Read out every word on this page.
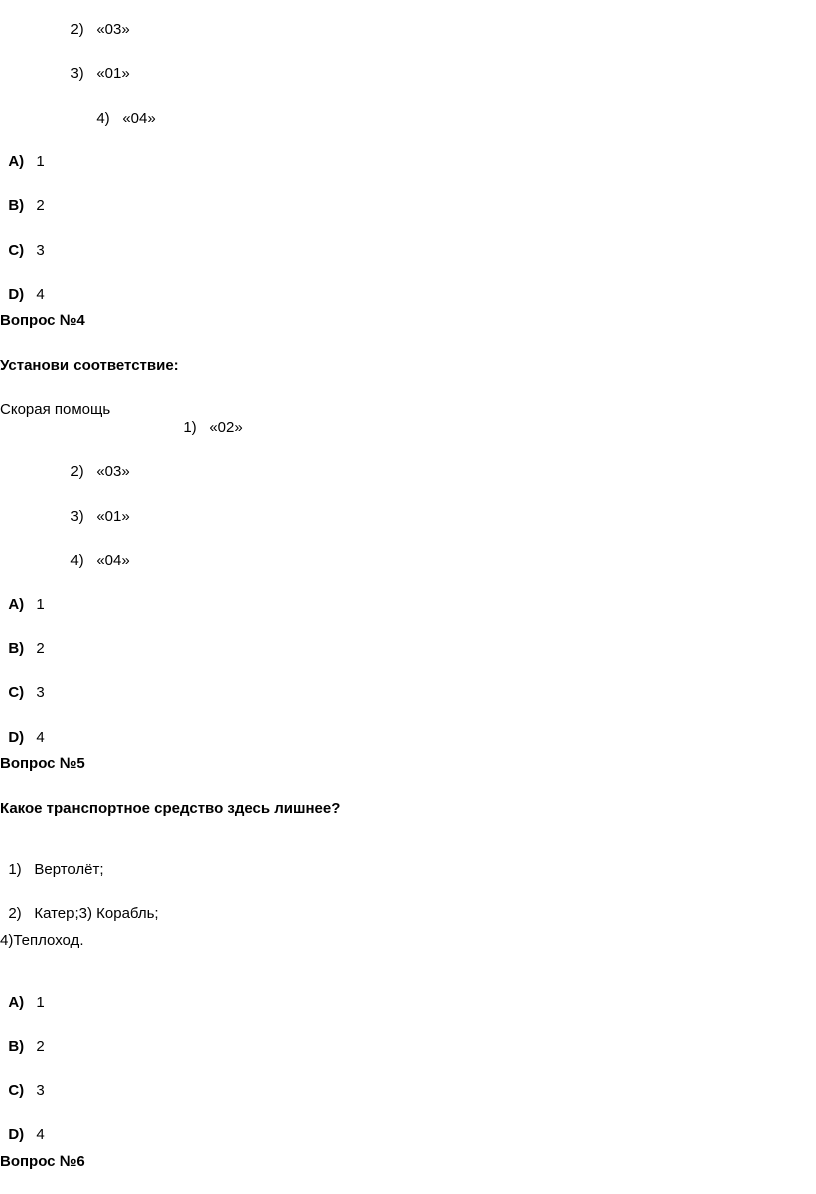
2) «03»

3) «01»

4) «04»

A) 1

B) 2

C) 3

D) 4

Вопрос №4
Установи соответствие:
Скорая помощь

1) «02»

2) «03»

3) «01»

4) «04»

A) 1

B) 2

C) 3

D) 4

Вопрос №5
Какое транспортное средство здесь лишнее?

1) Вертолёт;

2) Катер;3) Корабль;

4)Теплоход.

A) 1

B) 2

C) 3

D) 4

Вопрос №6
